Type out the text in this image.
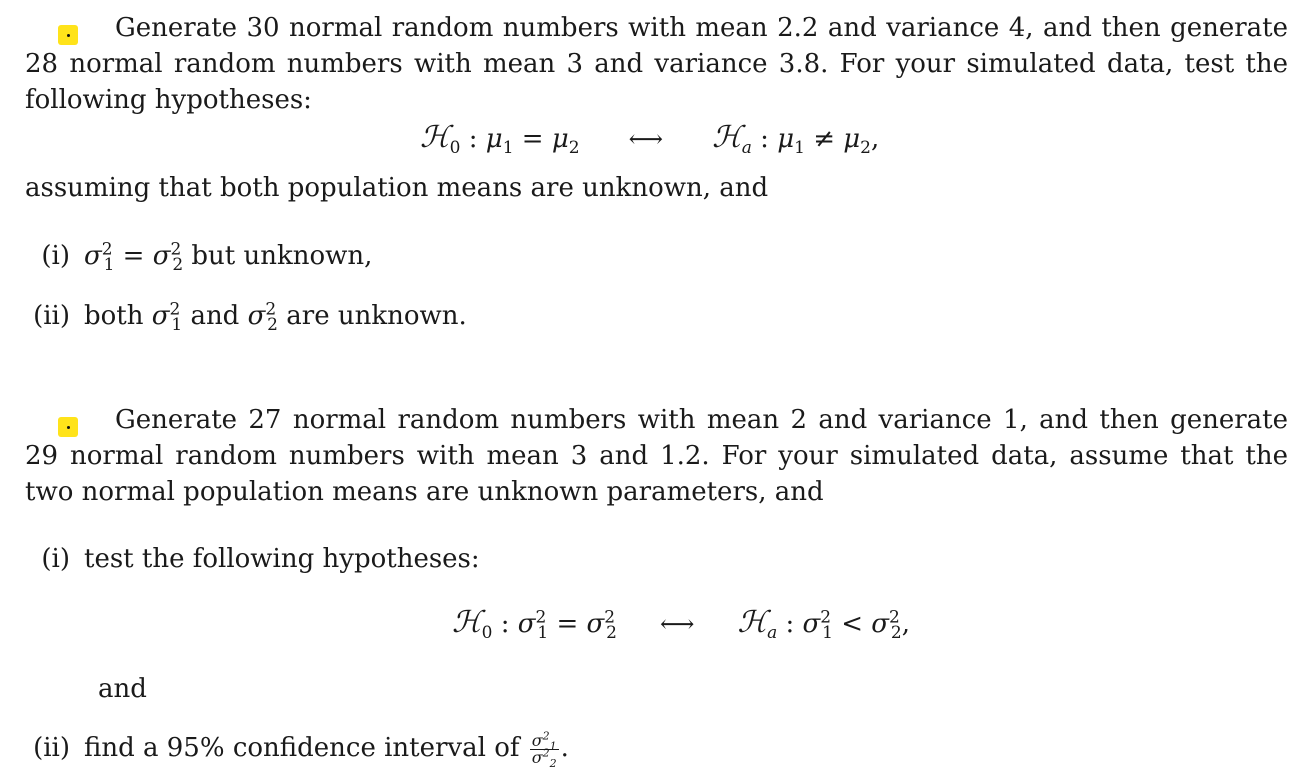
Generate 30 normal random numbers with mean 2.2 and variance 4, and then generate 28 normal random numbers with mean 3 and variance 3.8. For your simulated data, test the following hypotheses:

ℋ$_0$ : $\mu_1 = \mu_2$ ⟷ ℋ$_a$ : $\mu_1 \ne \mu_2$,
assuming that both population means are unknown, and
(i) $\sigma^2_1 = \sigma^2_2$ but unknown,
(ii) both $\sigma^2_1$ and $\sigma^2_2$ are unknown.

Generate 27 normal random numbers with mean 2 and variance 1, and then generate 29 normal random numbers with mean 3 and 1.2. For your simulated data, assume that the two normal population means are unknown parameters, and

(i) test the following hypotheses:
ℋ$_0$ : $\sigma^2_1 = \sigma^2_2$ ⟷ ℋ$_a$ : $\sigma^2_1 < \sigma^2_2$,
and
(ii) find a 95% confidence interval of $\frac{\sigma^2_1}{\sigma^2_2}$ .
